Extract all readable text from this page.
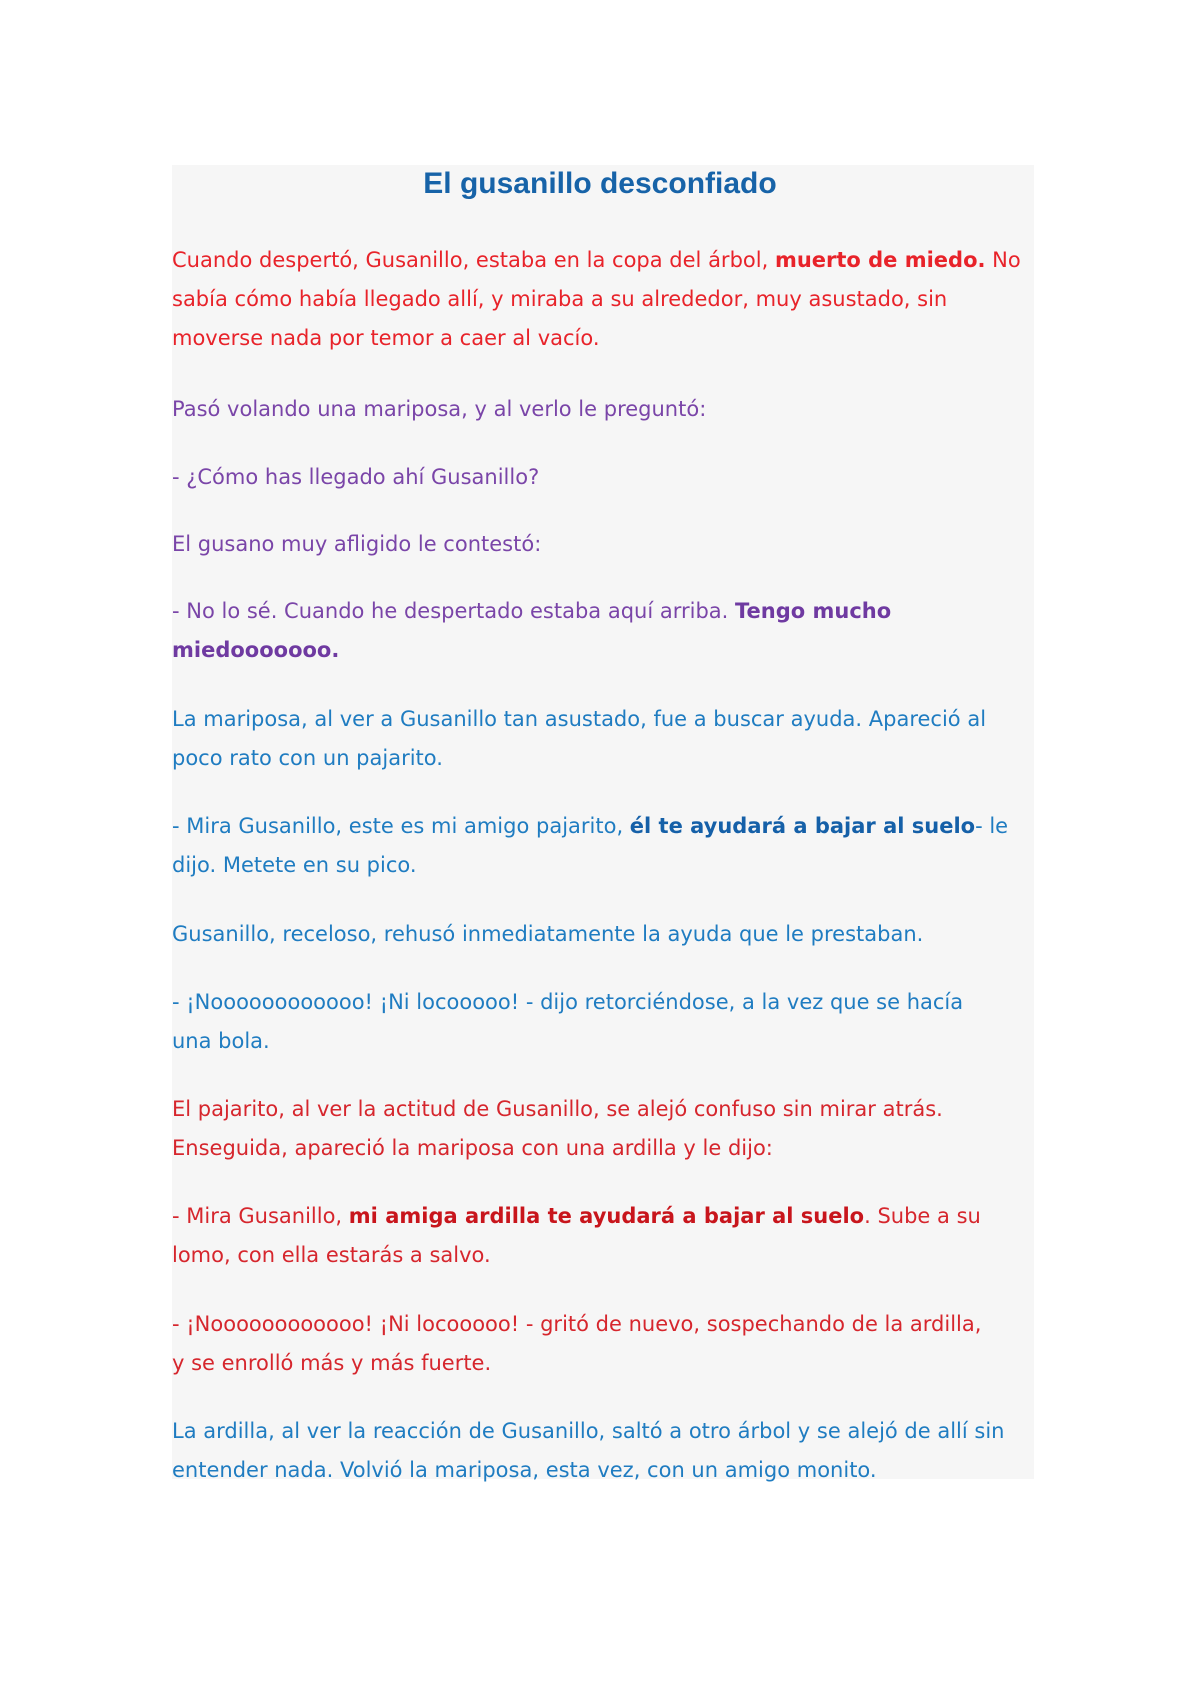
El gusanillo desconfiado

Cuando despertó, Gusanillo, estaba en la copa del árbol, muerto de miedo. No
sabía cómo había llegado allí, y miraba a su alrededor, muy asustado, sin
moverse nada por temor a caer al vacío.

Pasó volando una mariposa, y al verlo le preguntó:

- ¿Cómo has llegado ahí Gusanillo?

El gusano muy afligido le contestó:

- No lo sé. Cuando he despertado estaba aquí arriba. Tengo mucho
miedooooooo.

La mariposa, al ver a Gusanillo tan asustado, fue a buscar ayuda. Apareció al
poco rato con un pajarito.

- Mira Gusanillo, este es mi amigo pajarito, él te ayudará a bajar al suelo- le
dijo. Metete en su pico.

Gusanillo, receloso, rehusó inmediatamente la ayuda que le prestaban.

- ¡Noooooooooooo! ¡Ni locooooo! - dijo retorciéndose, a la vez que se hacía
una bola.

El pajarito, al ver la actitud de Gusanillo, se alejó confuso sin mirar atrás.
Enseguida, apareció la mariposa con una ardilla y le dijo:

- Mira Gusanillo, mi amiga ardilla te ayudará a bajar al suelo. Sube a su
lomo, con ella estarás a salvo.

- ¡Noooooooooooo! ¡Ni locooooo! - gritó de nuevo, sospechando de la ardilla,
y se enrolló más y más fuerte.

La ardilla, al ver la reacción de Gusanillo, saltó a otro árbol y se alejó de allí sin
entender nada. Volvió la mariposa, esta vez, con un amigo monito.
